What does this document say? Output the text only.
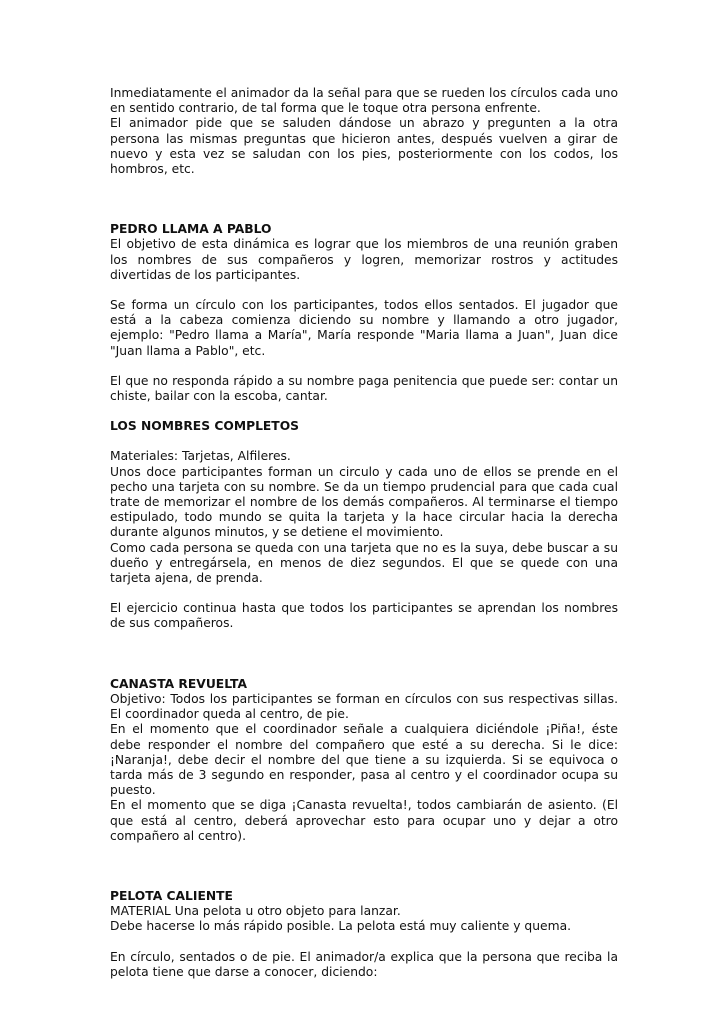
Inmediatamente el animador da la señal para que se rueden los círculos cada uno en sentido contrario, de tal forma que le toque otra persona enfrente.

El animador pide que se saluden dándose un abrazo y pregunten a la otra persona las mismas preguntas que hicieron antes, después vuelven a girar de nuevo y esta vez se saludan con los pies, posteriormente con los codos, los hombros, etc.

PEDRO LLAMA A PABLO

El objetivo de esta dinámica es lograr que los miembros de una reunión graben los nombres de sus compañeros y logren, memorizar rostros y actitudes divertidas de los participantes.

Se forma un círculo con los participantes, todos ellos sentados. El jugador que está a la cabeza comienza diciendo su nombre y llamando a otro jugador, ejemplo: "Pedro llama a María", María responde "Maria llama a Juan", Juan dice "Juan llama a Pablo", etc.

El que no responda rápido a su nombre paga penitencia que puede ser: contar un chiste, bailar con la escoba, cantar.

LOS NOMBRES COMPLETOS

Materiales: Tarjetas, Alfileres.

Unos doce participantes forman un circulo y cada uno de ellos se prende en el pecho una tarjeta con su nombre. Se da un tiempo prudencial para que cada cual trate de memorizar el nombre de los demás compañeros. Al terminarse el tiempo estipulado, todo mundo se quita la tarjeta y la hace circular hacia la derecha durante algunos minutos, y se detiene el movimiento.

Como cada persona se queda con una tarjeta que no es la suya, debe buscar a su dueño y entregársela, en menos de diez segundos. El que se quede con una tarjeta ajena, de prenda.

El ejercicio continua hasta que todos los participantes se aprendan los nombres de sus compañeros.

CANASTA REVUELTA

Objetivo: Todos los participantes se forman en círculos con sus respectivas sillas. El coordinador queda al centro, de pie.

En el momento que el coordinador señale a cualquiera diciéndole ¡Piña!, éste debe responder el nombre del compañero que esté a su derecha. Si le dice: ¡Naranja!, debe decir el nombre del que tiene a su izquierda. Si se equivoca o tarda más de 3 segundo en responder, pasa al centro y el coordinador ocupa su puesto.

En el momento que se diga ¡Canasta revuelta!, todos cambiarán de asiento. (El que está al centro, deberá aprovechar esto para ocupar uno y dejar a otro compañero al centro).

PELOTA CALIENTE

MATERIAL Una pelota u otro objeto para lanzar.

Debe hacerse lo más rápido posible. La pelota está muy caliente y quema.

En círculo, sentados o de pie. El animador/a explica que la persona que reciba la pelota tiene que darse a conocer, diciendo:
